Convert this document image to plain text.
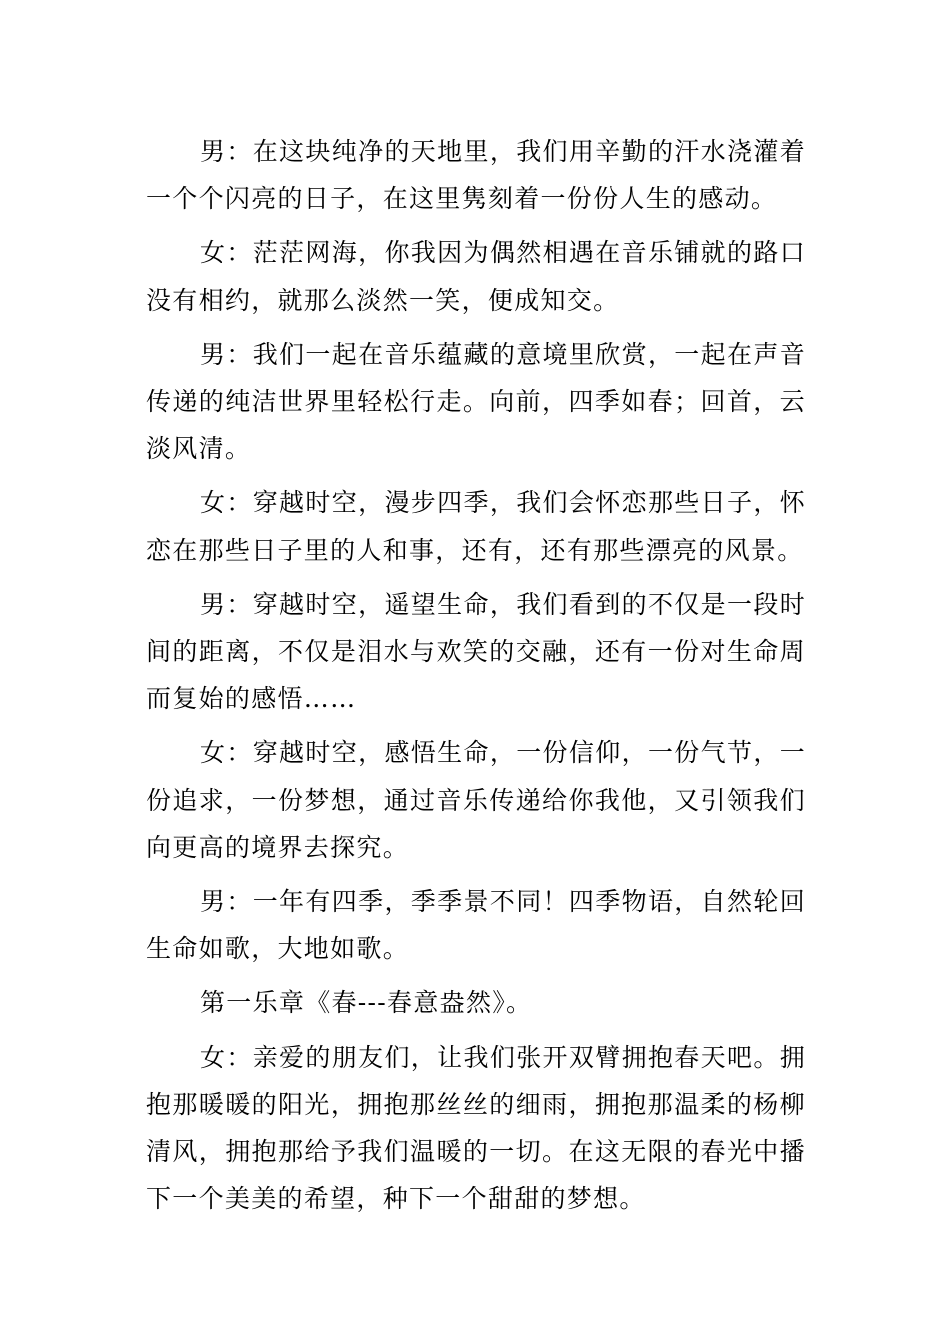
男：在这块纯净的天地里，我们用辛勤的汗水浇灌着一个个闪亮的日子，在这里隽刻着一份份人生的感动。

女：茫茫网海，你我因为偶然相遇在音乐铺就的路口没有相约，就那么淡然一笑，便成知交。

男：我们一起在音乐蕴藏的意境里欣赏，一起在声音传递的纯洁世界里轻松行走。向前，四季如春；回首，云淡风清。

女：穿越时空，漫步四季，我们会怀恋那些日子，怀恋在那些日子里的人和事，还有，还有那些漂亮的风景。

男：穿越时空，遥望生命，我们看到的不仅是一段时间的距离，不仅是泪水与欢笑的交融，还有一份对生命周而复始的感悟……

女：穿越时空，感悟生命，一份信仰，一份气节，一份追求，一份梦想，通过音乐传递给你我他，又引领我们向更高的境界去探究。

男：一年有四季，季季景不同！四季物语，自然轮回生命如歌，大地如歌。

第一乐章《春---春意盎然》。

女：亲爱的朋友们，让我们张开双臂拥抱春天吧。拥抱那暖暖的阳光，拥抱那丝丝的细雨，拥抱那温柔的杨柳清风，拥抱那给予我们温暖的一切。在这无限的春光中播下一个美美的希望，种下一个甜甜的梦想。
